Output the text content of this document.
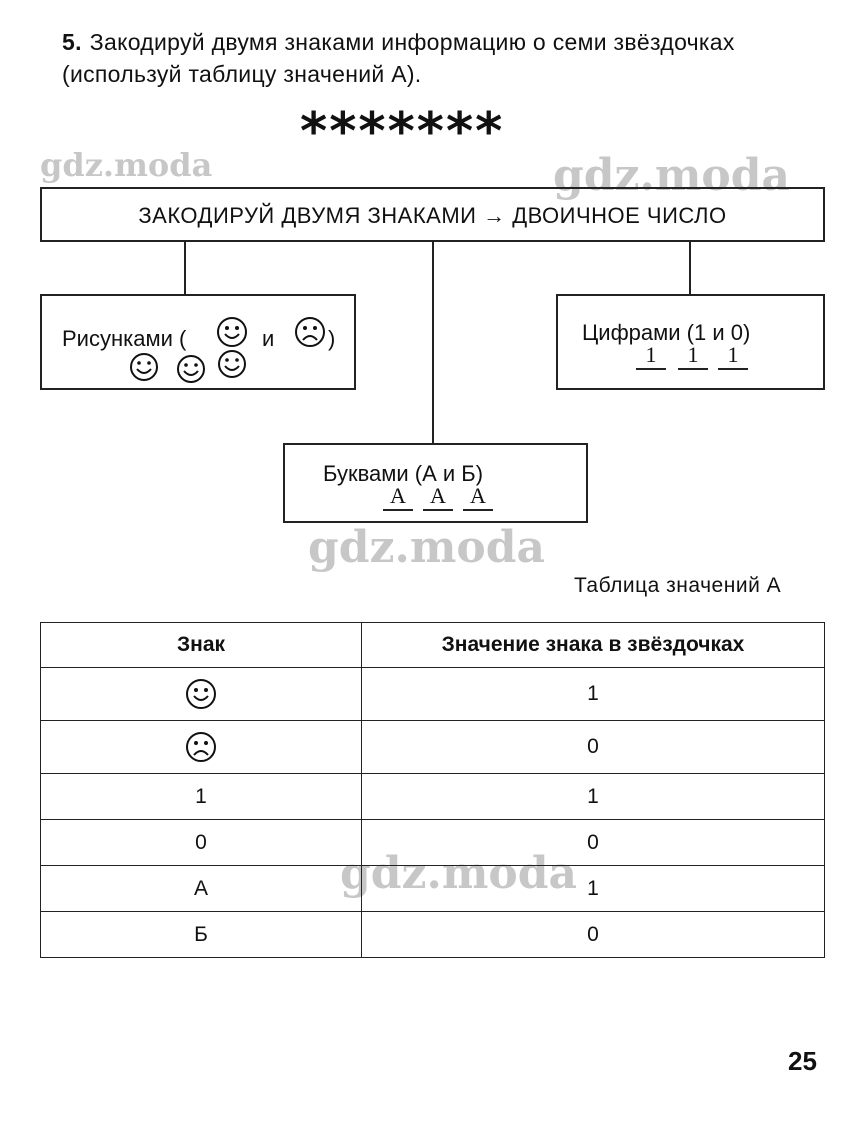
5. Закодируй двумя знаками информацию о семи звёздочках (используй таблицу значений А).
*******
gdz.moda	gdz.moda
gdz.moda
gdz.moda
ЗАКОДИРУЙ ДВУМЯ ЗНАКАМИ → ДВОИЧНОЕ ЧИСЛО
Рисунками (	и )	Цифрами (1 и 0)
1	1	1
Буквами (А и Б)
А	А	А
Таблица значений А
Знак	Значение знака в звёздочках
	1
	0
1	1
0	0
А	1
Б	0
25
